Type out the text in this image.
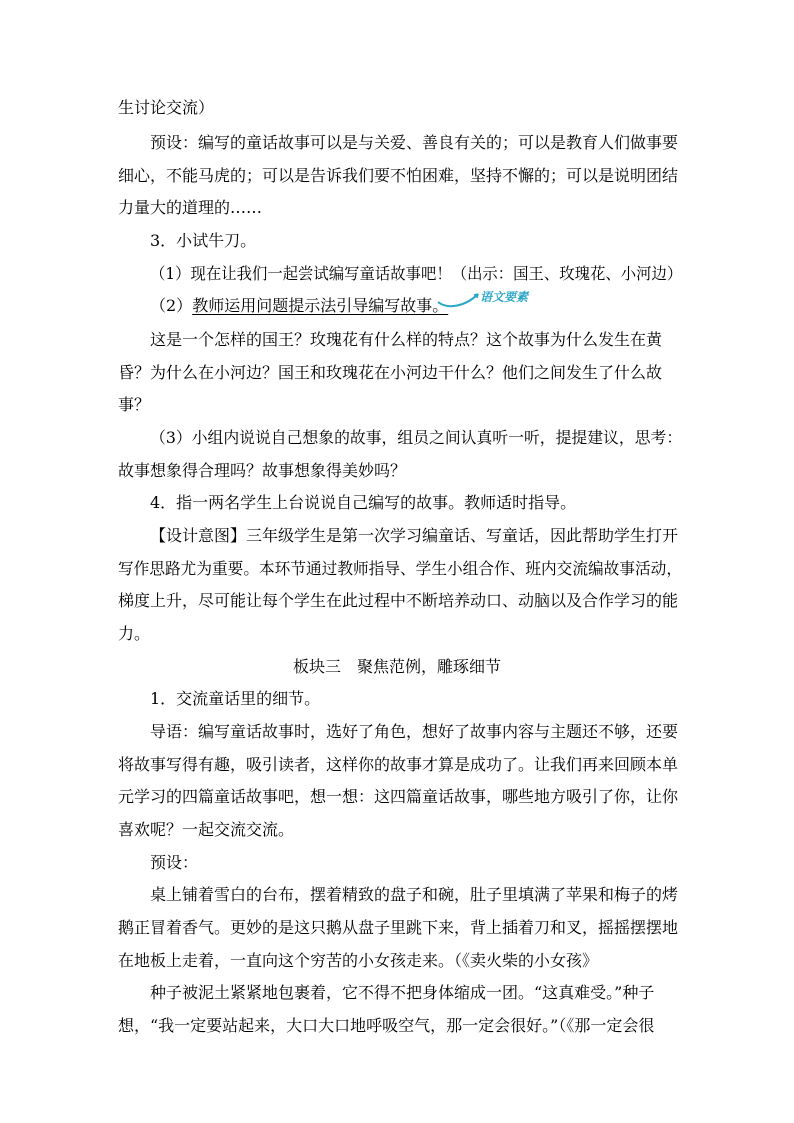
生讨论交流）
预设：编写的童话故事可以是与关爱、善良有关的；可以是教育人们做事要
细心，不能马虎的；可以是告诉我们要不怕困难，坚持不懈的；可以是说明团结
力量大的道理的……
3．小试牛刀。
（1）现在让我们一起尝试编写童话故事吧！（出示：国王、玫瑰花、小河边）
（2）教师运用问题提示法引导编写故事。	语文要素
这是一个怎样的国王？玫瑰花有什么样的特点？这个故事为什么发生在黄
昏？为什么在小河边？国王和玫瑰花在小河边干什么？他们之间发生了什么故
事？
（3）小组内说说自己想象的故事，组员之间认真听一听，提提建议，思考：
故事想象得合理吗？故事想象得美妙吗？
4．指一两名学生上台说说自己编写的故事。教师适时指导。
【设计意图】三年级学生是第一次学习编童话、写童话，因此帮助学生打开
写作思路尤为重要。本环节通过教师指导、学生小组合作、班内交流编故事活动，
梯度上升，尽可能让每个学生在此过程中不断培养动口、动脑以及合作学习的能
力。
板块三　聚焦范例，雕琢细节
1．交流童话里的细节。
导语：编写童话故事时，选好了角色，想好了故事内容与主题还不够，还要
将故事写得有趣，吸引读者，这样你的故事才算是成功了。让我们再来回顾本单
元学习的四篇童话故事吧，想一想：这四篇童话故事，哪些地方吸引了你，让你
喜欢呢？一起交流交流。
预设：
桌上铺着雪白的台布，摆着精致的盘子和碗，肚子里填满了苹果和梅子的烤
鹅正冒着香气。更妙的是这只鹅从盘子里跳下来，背上插着刀和叉，摇摇摆摆地
在地板上走着，一直向这个穷苦的小女孩走来。（《卖火柴的小女孩》
种子被泥土紧紧地包裹着，它不得不把身体缩成一团。“这真难受。”种子
想，“我一定要站起来，大口大口地呼吸空气，那一定会很好。”（《那一定会很
